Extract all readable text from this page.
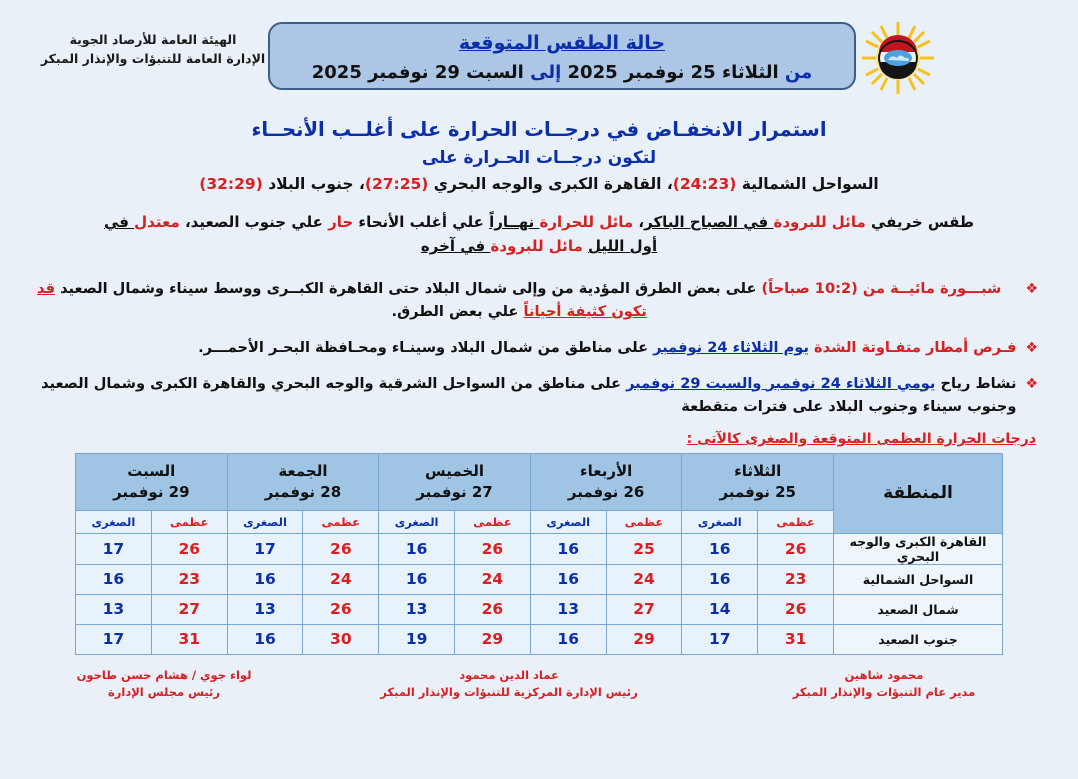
الهيئة العامة للأرصاد الجوية
الإدارة العامة للتنبؤات والإنذار المبكر
حالة الطقس المتوقعة
من الثلاثاء 25 نوفمبر 2025 إلى السبت 29 نوفمبر 2025
استمرار الانخفـاض في درجــات الحرارة على أغلــب الأنحــاء
لتكون درجــات الحـرارة على
السواحل الشمالية (24:23)، القاهرة الكبرى والوجه البحري (27:25)، جنوب البلاد (32:29)
طقس خريفي مائل للبرودة في الصباح الباكر، مائل للحرارة نهــاراً علي أغلب الأنحاء حار علي جنوب الصعيد، معتدل في أول الليل مائل للبرودة في آخره
❖
شبـــورة مائيــة من (10:2 صباحاً) على بعض الطرق المؤدية من وإلى شمال البلاد حتى القاهرة الكبــرى ووسط سيناء وشمال الصعيد قد تكون كثيفة أحياناً علي بعض الطرق.
❖
فـرص أمطار متفـاوتة الشدة يوم الثلاثاء 24 نوفمبر على مناطق من شمال البلاد وسينـاء ومحـافظة البحـر الأحمـــر.
❖
نشاط رياح يومي الثلاثاء 24 نوفمبر والسبت 29 نوفمبر على مناطق من السواحل الشرقية والوجه البحري والقاهرة الكبرى وشمال الصعيد وجنوب سيناء وجنوب البلاد على فترات متقطعة
درجات الحرارة العظمى المتوقعة والصغرى كالآتى :
المنطقة	
الثلاثاء
25 نوفمبر

الأربعاء
26 نوفمبر

الخميس
27 نوفمبر

الجمعة
28 نوفمبر

السبت
29 نوفمبر

	عظمى	الصغرى	عظمى	الصغرى	عظمى	الصغرى	عظمى	الصغرى	عظمى	الصغرى
القاهرة الكبرى والوجه البحري	26	16	25	16	26	16	26	17	26	17
السواحل الشمالية	23	16	24	16	24	16	24	16	23	16
شمال الصعيد	26	14	27	13	26	13	26	13	27	13
جنوب الصعيد	31	17	29	16	29	19	30	16	31	17
محمود شاهين
مدير عام التنبؤات والإنذار المبكر
عماد الدين محمود
رئيس الإدارة المركزية للتنبؤات والإنذار المبكر
لواء جوي / هشام حسن طاحون
رئيس مجلس الإدارة
